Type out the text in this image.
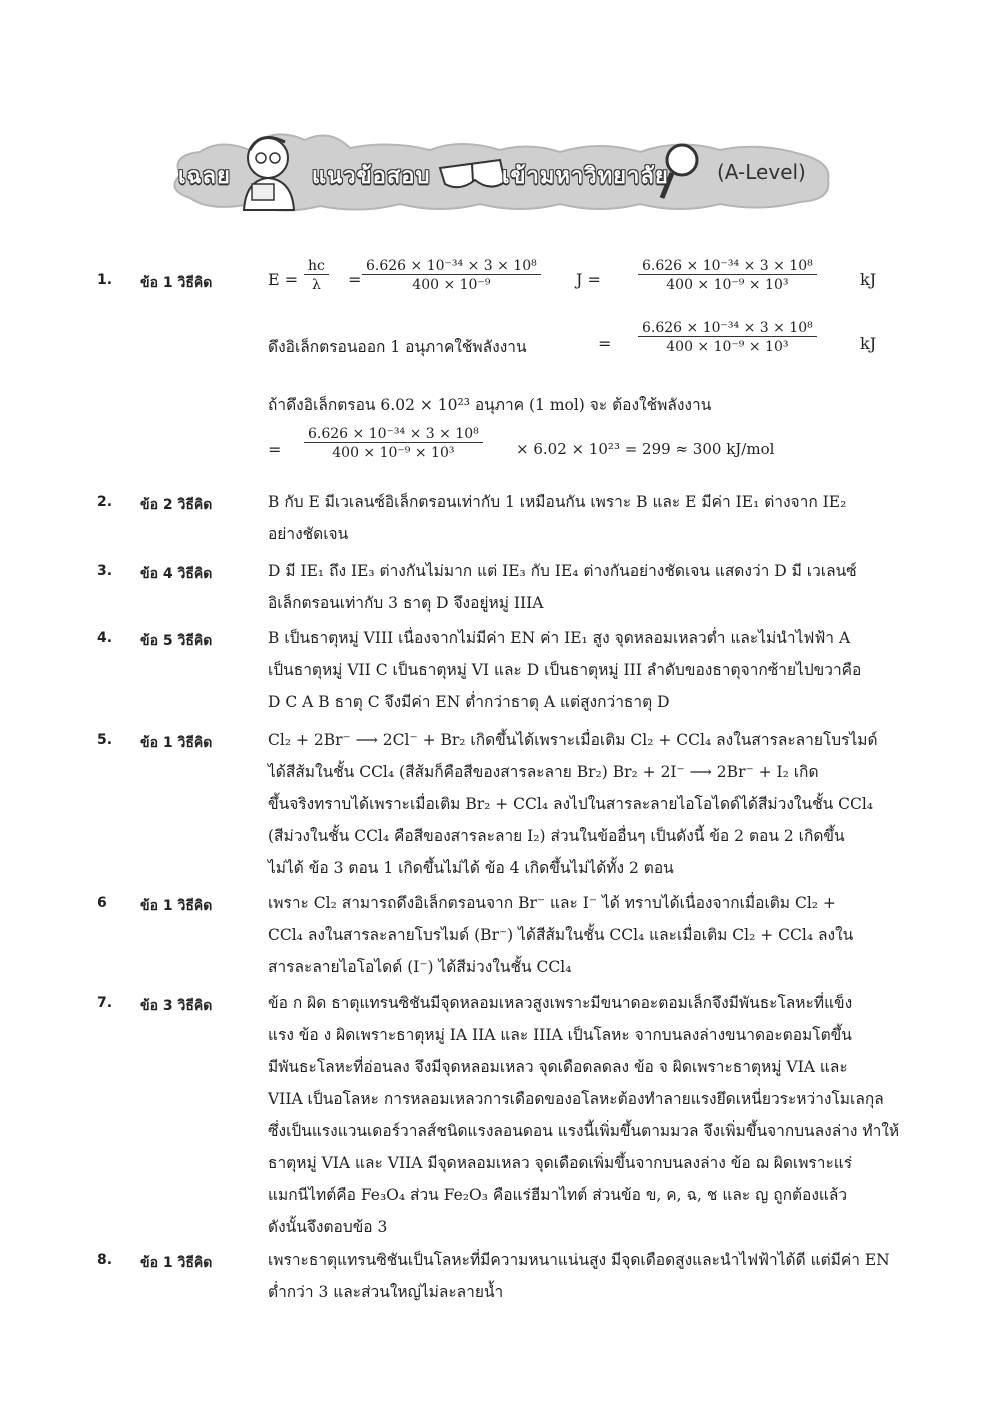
เฉลย	แนวข้อสอบ	เข้ามหาวิทยาลัย (A-Level)
1. ข้อ 1 วิธีคิด	$E = \frac{hc}{\lambda} = \frac{\text{6.626 × 10⁻³⁴ × 3 × 10⁸}}{\text{400 × 10⁻⁹}}$ J =	$\frac{\text{6.626 × 10⁻³⁴ × 3 × 10⁸}}{\text{400 × 10⁻⁹ × 10³}}$	kJ
ดึงอิเล็กตรอนออก 1 อนุภาคใช้พลังงาน	= $\frac{\text{6.626 × 10⁻³⁴ × 3 × 10⁸}}{\text{400 × 10⁻⁹ × 10³}}$	kJ
ถ้าดึงอิเล็กตรอน 6.02 × 10²³ อนุภาค (1 mol) จะ ต้องใช้พลังงาน
= $\frac{\text{6.626 × 10⁻³⁴ × 3 × 10⁸}}{\text{400 × 10⁻⁹ × 10³}} \times 6.02 \times 10^{23} = 299 \approx 300$ kJ/mol
2. ข้อ 2 วิธีคิด	B กับ E มีเวเลนซ์อิเล็กตรอนเท่ากับ 1 เหมือนกัน เพราะ B และ E มีค่า IE₁ ต่างจาก IE₂
อย่างชัดเจน
3. ข้อ 4 วิธีคิด	D มี IE₁ ถึง IE₃ ต่างกันไม่มาก แต่ IE₃ กับ IE₄ ต่างกันอย่างชัดเจน แสดงว่า D มี เวเลนซ์
อิเล็กตรอนเท่ากับ 3 ธาตุ D จึงอยู่หมู่ IIIA
4. ข้อ 5 วิธีคิด	B เป็นธาตุหมู่ VIII เนื่องจากไม่มีค่า EN ค่า IE₁ สูง จุดหลอมเหลวต่ำ และไม่นำไฟฟ้า A
เป็นธาตุหมู่ VII C เป็นธาตุหมู่ VI และ D เป็นธาตุหมู่ III ลำดับของธาตุจากซ้ายไปขวาคือ
D C A B ธาตุ C จึงมีค่า EN ต่ำกว่าธาตุ A แต่สูงกว่าธาตุ D
5. ข้อ 1 วิธีคิด	Cl₂ + 2Br⁻ ⟶ 2Cl⁻ + Br₂ เกิดขึ้นได้เพราะเมื่อเติม Cl₂ + CCl₄ ลงในสารละลายโบรไมด์
ได้สีส้มในชั้น CCl₄ (สีส้มก็คือสีของสารละลาย Br₂) Br₂ + 2I⁻ ⟶ 2Br⁻ + I₂ เกิด
ขึ้นจริงทราบได้เพราะเมื่อเติม Br₂ + CCl₄ ลงไปในสารละลายไอโอไดด์ได้สีม่วงในชั้น CCl₄
(สีม่วงในชั้น CCl₄ คือสีของสารละลาย I₂) ส่วนในข้ออื่นๆ เป็นดังนี้ ข้อ 2 ตอน 2 เกิดขึ้น
ไม่ได้ ข้อ 3 ตอน 1 เกิดขึ้นไม่ได้ ข้อ 4 เกิดขึ้นไม่ได้ทั้ง 2 ตอน
6 ข้อ 1 วิธีคิด	เพราะ Cl₂ สามารถดึงอิเล็กตรอนจาก Br⁻ และ I⁻ ได้ ทราบได้เนื่องจากเมื่อเติม Cl₂ +
CCl₄ ลงในสารละลายโบรไมด์ (Br⁻) ได้สีส้มในชั้น CCl₄ และเมื่อเติม Cl₂ + CCl₄ ลงใน
สารละลายไอโอไดด์ (I⁻) ได้สีม่วงในชั้น CCl₄
7. ข้อ 3 วิธีคิด	ข้อ ก ผิด ธาตุแทรนซิชันมีจุดหลอมเหลวสูงเพราะมีขนาดอะตอมเล็กจึงมีพันธะโลหะที่แข็ง
แรง ข้อ ง ผิดเพราะธาตุหมู่ IA IIA และ IIIA เป็นโลหะ จากบนลงล่างขนาดอะตอมโตขึ้น
มีพันธะโลหะที่อ่อนลง จึงมีจุดหลอมเหลว จุดเดือดลดลง ข้อ จ ผิดเพราะธาตุหมู่ VIA และ
VIIA เป็นอโลหะ การหลอมเหลวการเดือดของอโลหะต้องทำลายแรงยึดเหนี่ยวระหว่างโมเลกุล
ซึ่งเป็นแรงแวนเดอร์วาลส์ชนิดแรงลอนดอน แรงนี้เพิ่มขึ้นตามมวล จึงเพิ่มขึ้นจากบนลงล่าง ทำให้
ธาตุหมู่ VIA และ VIIA มีจุดหลอมเหลว จุดเดือดเพิ่มขึ้นจากบนลงล่าง ข้อ ฌ ผิดเพราะแร่
แมกนีไทต์คือ Fe₃O₄ ส่วน Fe₂O₃ คือแร่ฮีมาไทต์ ส่วนข้อ ข, ค, ฉ, ช และ ญ ถูกต้องแล้ว
ดังนั้นจึงตอบข้อ 3
8. ข้อ 1 วิธีคิด	เพราะธาตุแทรนซิชันเป็นโลหะที่มีความหนาแน่นสูง มีจุดเดือดสูงและนำไฟฟ้าได้ดี แต่มีค่า EN
ต่ำกว่า 3 และส่วนใหญ่ไม่ละลายน้ำ
